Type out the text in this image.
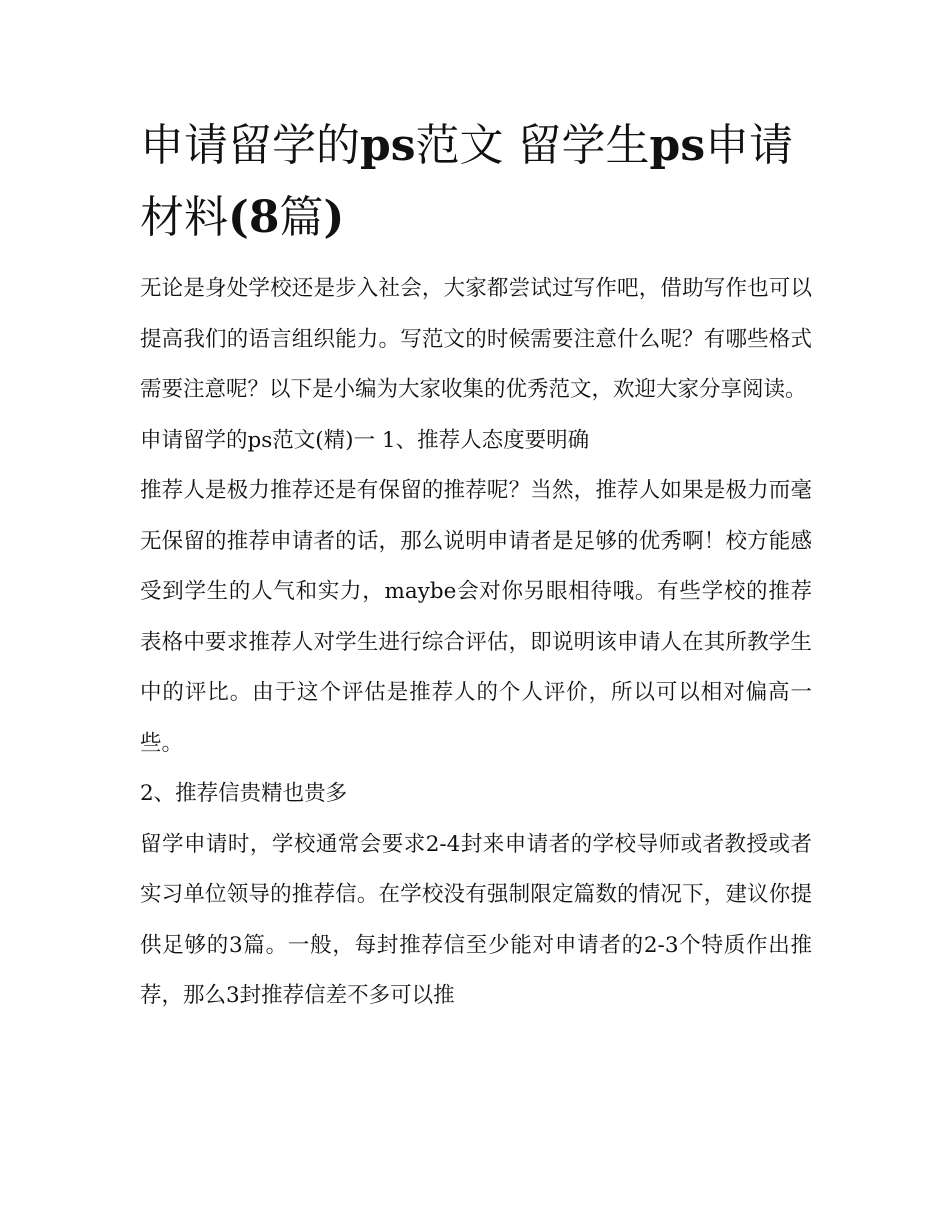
申请留学的ps范文 留学生ps申请材料(8篇)

无论是身处学校还是步入社会，大家都尝试过写作吧，借助写作也可以提高我们的语言组织能力。写范文的时候需要注意什么呢？有哪些格式需要注意呢？以下是小编为大家收集的优秀范文，欢迎大家分享阅读。

申请留学的ps范文(精)一 1、推荐人态度要明确

推荐人是极力推荐还是有保留的推荐呢？当然，推荐人如果是极力而毫无保留的推荐申请者的话，那么说明申请者是足够的优秀啊！校方能感受到学生的人气和实力，maybe会对你另眼相待哦。有些学校的推荐表格中要求推荐人对学生进行综合评估，即说明该申请人在其所教学生中的评比。由于这个评估是推荐人的个人评价，所以可以相对偏高一些。

2、推荐信贵精也贵多

留学申请时，学校通常会要求2-4封来申请者的学校导师或者教授或者实习单位领导的推荐信。在学校没有强制限定篇数的情况下，建议你提供足够的3篇。一般，每封推荐信至少能对申请者的2-3个特质作出推荐，那么3封推荐信差不多可以推
